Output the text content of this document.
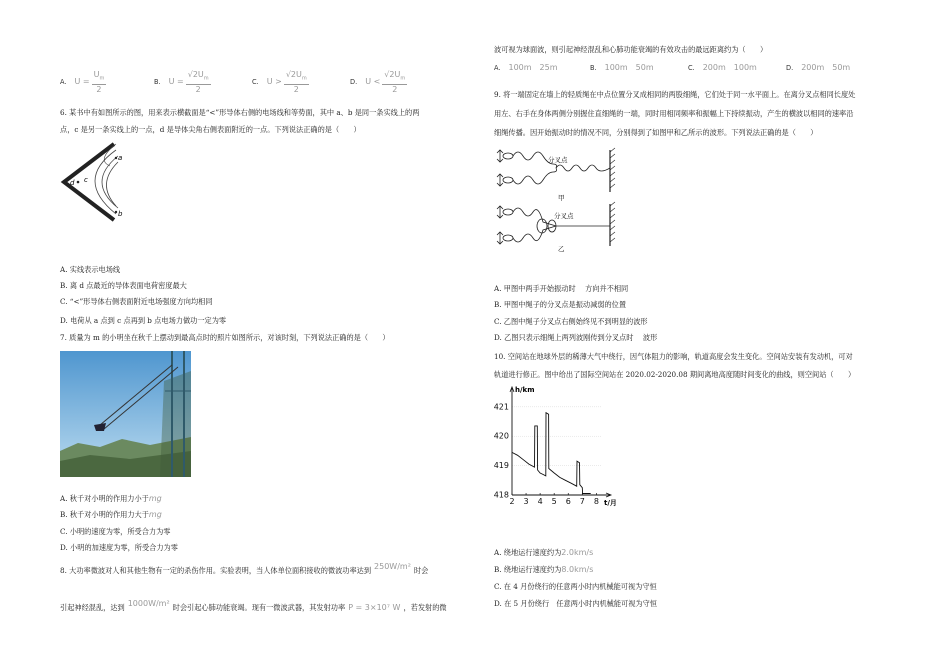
A. $U = \frac{U_m}{2}$	B. $U = \frac{√2U_m}{2}$	C. $U > \frac{√2U_m}{2}$	D. $U < \frac{√2U_m}{2}$
6. 某书中有如图所示的图，用来表示横截面是“<”形导体右侧的电场线和等势面，其中 a、b 是同一条实线上的两
点，c 是另一条实线上的一点，d 是导体尖角右侧表面附近的一点。下列说法正确的是（　　）
d c
a
b
A. 实线表示电场线
B. 离 d 点最近的导体表面电荷密度最大
C. “<”形导体右侧表面附近电场强度方向均相同
D. 电荷从 a 点到 c 点再到 b 点电场力做功一定为零
7. 质量为 m 的小明坐在秋千上摆动到最高点时的照片如图所示，对该时刻，下列说法正确的是（　　）
A. 秋千对小明的作用力小于mg
B. 秋千对小明的作用力大于mg
C. 小明的速度为零，所受合力为零
D. 小明的加速度为零，所受合力为零
8. 大功率微波对人和其他生物有一定的杀伤作用。实验表明，当人体单位面积接收的微波功率达到 250W/m² 时会
引起神经混乱，达到 1000W/m² 时会引起心肺功能衰竭。现有一微波武器，其发射功率 P = 3×10⁷ W ，若发射的微
波可视为球面波，则引起神经混乱和心肺功能衰竭的有效攻击的最远距离约为（　　）
A. 100m　25m	B. 100m　50m	C. 200m　100m	D. 200m　50m
9. 将一端固定在墙上的轻质绳在中点位置分叉成相同的两股细绳，它们处于同一水平面上。在离分叉点相同长度处
用左、右手在身体两侧分别握住直细绳的一端，同时用相同频率和振幅上下持续振动，产生的横波以相同的速率沿
细绳传播。因开始振动时的情况不同，分别得到了如图甲和乙所示的波形。下列说法正确的是（　　）
分叉点
甲
分叉点
乙
A. 甲图中两手开始振动时　 方向并不相同
B. 甲图中绳子的分叉点是振动减弱的位置
C. 乙图中绳子分叉点右侧始终见不到明显的波形
D. 乙图只表示细绳上两列波刚传到分叉点时　 波形
10. 空间站在地球外层的稀薄大气中绕行，因气体阻力的影响，轨道高度会发生变化。空间站安装有发动机，可对
轨道进行修正。图中给出了国际空间站在 2020.02-2020.08 期间离地高度随时间变化的曲线，则空间站（　　）
421
420
419
418
2 3 4 5 6 7 8
h/km
t/月
A. 绕地运行速度约为2.0km/s
B. 绕地运行速度约为8.0km/s
C. 在 4 月份绕行的任意两小时内机械能可视为守恒
D. 在 5 月份绕行　任意两小时内机械能可视为守恒
